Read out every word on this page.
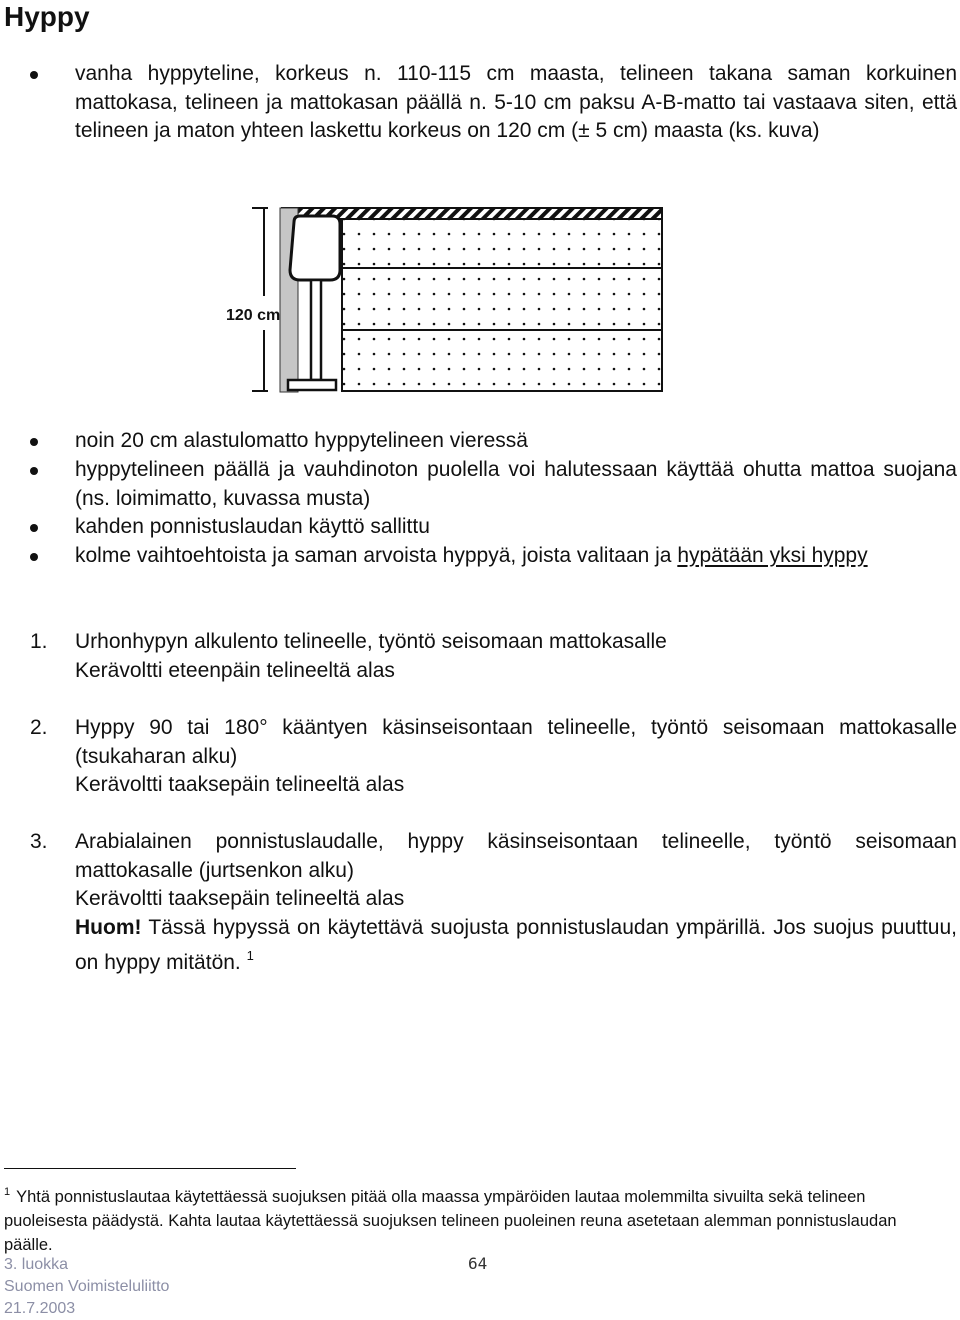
Hyppy
vanha hyppyteline, korkeus n. 110-115 cm maasta, telineen takana saman korkuinen mattokasa, telineen ja mattokasan päällä n. 5-10 cm paksu A-B-matto tai vastaava siten, että telineen ja maton yhteen laskettu korkeus on 120 cm (± 5 cm) maasta (ks. kuva)
120 cm
noin 20 cm alastulomatto hyppytelineen vieressä
hyppytelineen päällä ja vauhdinoton puolella voi halutessaan käyttää ohutta mattoa suojana (ns. loimimatto, kuvassa musta)
kahden ponnistuslaudan käyttö sallittu
kolme vaihtoehtoista ja saman arvoista hyppyä, joista valitaan ja hypätään yksi hyppy
1. Urhonhypyn alkulento telineelle, työntö seisomaan mattokasalle
Kerävoltti eteenpäin telineeltä alas
2. Hyppy 90 tai 180° kääntyen käsinseisontaan telineelle, työntö seisomaan mattokasalle (tsukaharan alku)
Kerävoltti taaksepäin telineeltä alas
3. Arabialainen ponnistuslaudalle, hyppy käsinseisontaan telineelle, työntö seisomaan mattokasalle (jurtsenkon alku)
Kerävoltti taaksepäin telineeltä alas
Huom! Tässä hypyssä on käytettävä suojusta ponnistuslaudan ympärillä. Jos suojus puuttuu, on hyppy mitätön. $^1$
$^1$ Yhtä ponnistuslautaa käytettäessä suojuksen pitää olla maassa ympäröiden lautaa molemmilta sivuilta sekä telineen puoleisesta päädystä. Kahta lautaa käytettäessä suojuksen telineen puoleinen reuna asetetaan alemman ponnistuslaudan päälle.
3. luokka
Suomen Voimisteluliitto
21.7.2003
64
